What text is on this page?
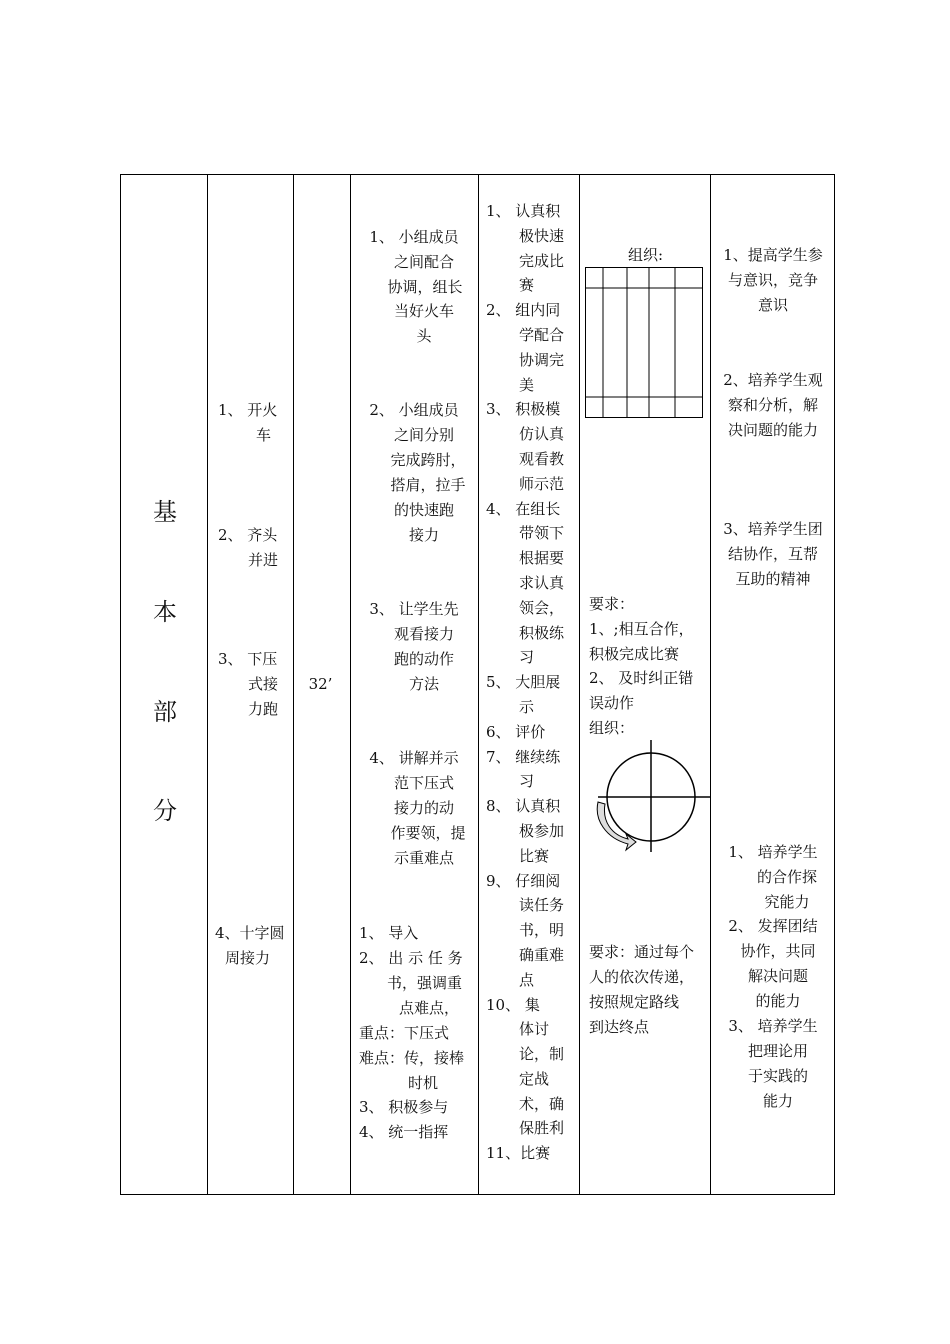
基
本
部
分
1、 开火
车
2、 齐头
并进
3、 下压
式接
力跑
4、十字圆
周接力
32’
1、 小组成员
之间配合
协调，组长
当好火车
头
2、 小组成员
之间分别
完成跨肘，
搭肩，拉手
的快速跑
接力
3、 让学生先
观看接力
跑的动作
方法
4、 讲解并示
范下压式
接力的动
作要领，提
示重难点
1、 导入
2、 出 示 任 务
书，强调重
点难点，
重点：下压式
难点：传，接棒
时机
3、 积极参与
4、 统一指挥
1、 认真积
极快速
完成比
赛
2、 组内同
学配合
协调完
美
3、 积极模
仿认真
观看教
师示范
4、 在组长
带领下
根据要
求认真
领会，
积极练
习
5、 大胆展
示
6、 评价
7、 继续练
习
8、 认真积
极参加
比赛
9、 仔细阅
读任务
书，明
确重难
点
10、 集
体讨
论，制
定战
术，确
保胜利
11、比赛
组织:
要求：
1、;相互合作，
积极完成比赛
2、 及时纠正错
误动作
组织：
要求：通过每个
人的依次传递，
按照规定路线
到达终点
1、提高学生参
与意识，竞争
意识
2、培养学生观
察和分析，解
决问题的能力
3、培养学生团
结协作，互帮
互助的精神
1、 培养学生
的合作探
究能力
2、 发挥团结
协作，共同
解决问题
的能力
3、 培养学生
把理论用
于实践的
能力
